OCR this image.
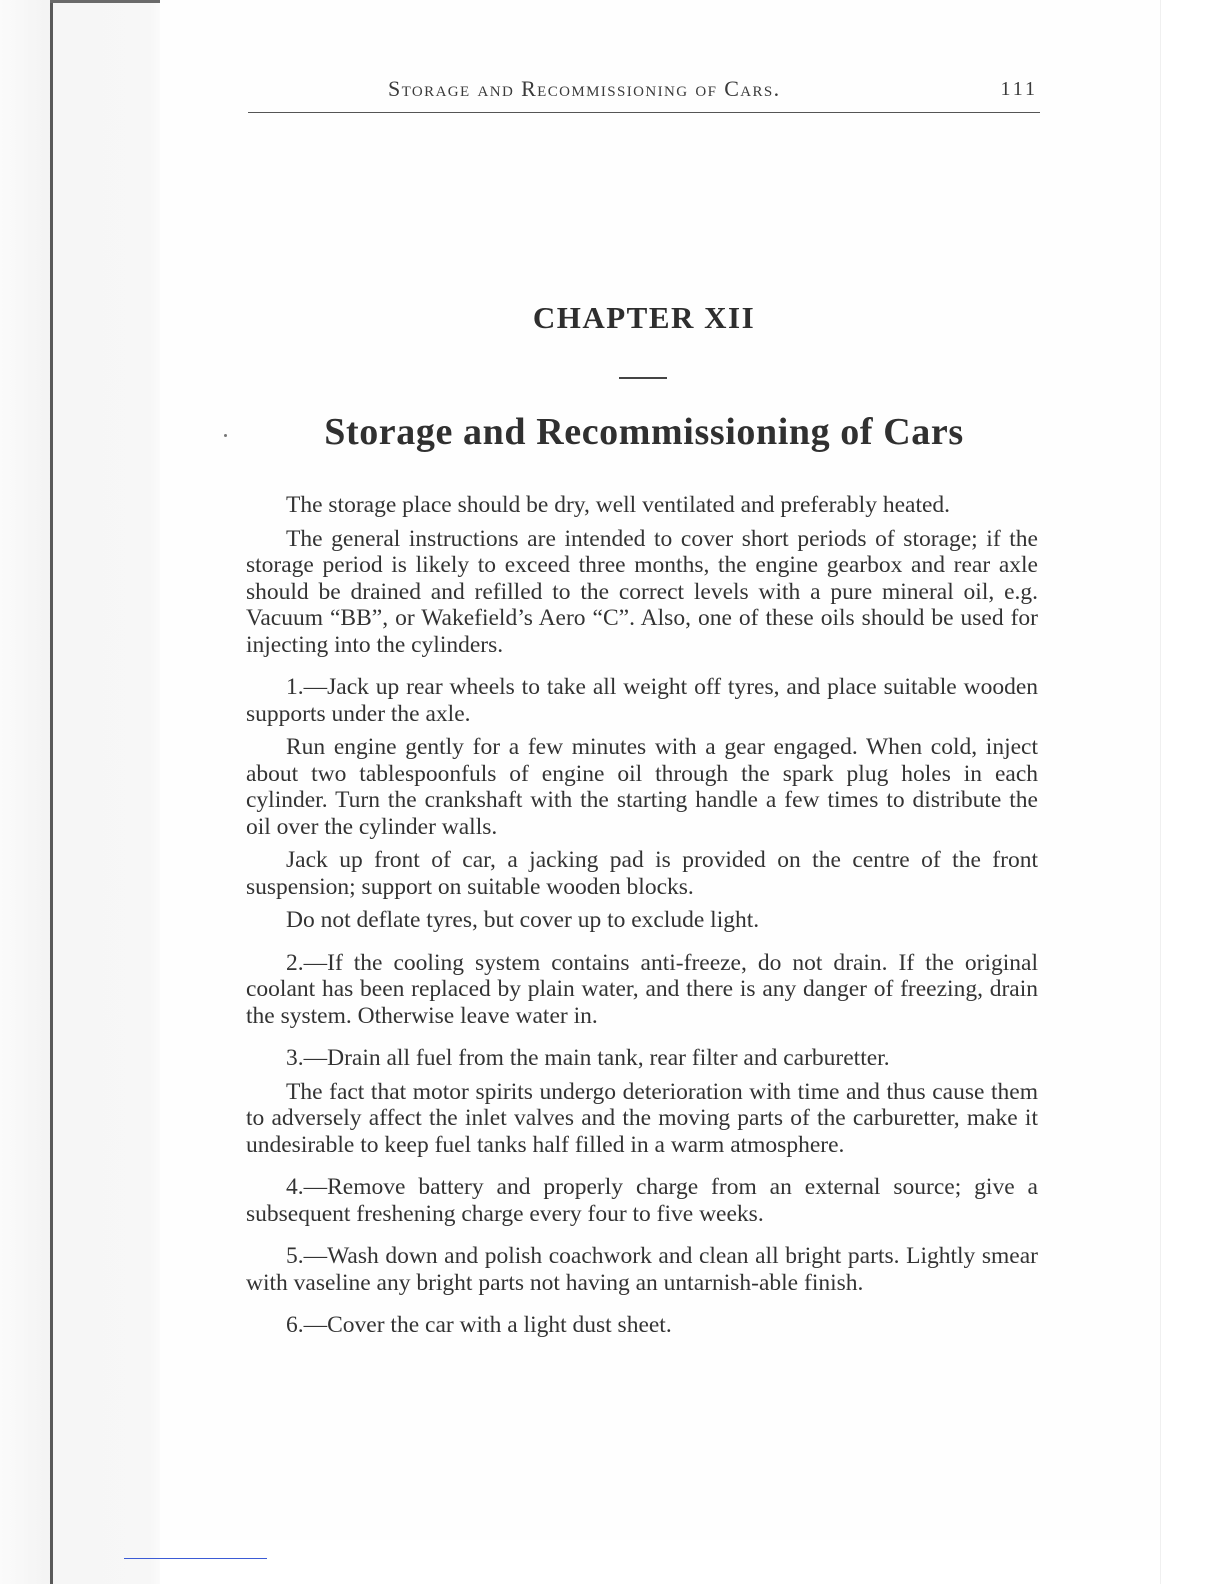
Storage and Recommissioning of Cars.	111
CHAPTER XII
Storage and Recommissioning of Cars

The storage place should be dry, well ventilated and preferably heated.

The general instructions are intended to cover short periods of storage; if the storage period is likely to exceed three months, the engine gearbox and rear axle should be drained and refilled to the correct levels with a pure mineral oil, e.g. Vacuum “BB”, or Wakefield’s Aero “C”. Also, one of these oils should be used for injecting into the cylinders.

1.—Jack up rear wheels to take all weight off tyres, and place suitable wooden supports under the axle.

Run engine gently for a few minutes with a gear engaged. When cold, inject about two tablespoonfuls of engine oil through the spark plug holes in each cylinder. Turn the crankshaft with the starting handle a few times to distribute the oil over the cylinder walls.

Jack up front of car, a jacking pad is provided on the centre of the front suspension; support on suitable wooden blocks.

Do not deflate tyres, but cover up to exclude light.

2.—If the cooling system contains anti-freeze, do not drain. If the original coolant has been replaced by plain water, and there is any danger of freezing, drain the system. Otherwise leave water in.

3.—Drain all fuel from the main tank, rear filter and carburetter.

The fact that motor spirits undergo deterioration with time and thus cause them to adversely affect the inlet valves and the moving parts of the carburetter, make it undesirable to keep fuel tanks half filled in a warm atmosphere.

4.—Remove battery and properly charge from an external source; give a subsequent freshening charge every four to five weeks.

5.—Wash down and polish coachwork and clean all bright parts. Lightly smear with vaseline any bright parts not having an untarnish-able finish.

6.—Cover the car with a light dust sheet.
